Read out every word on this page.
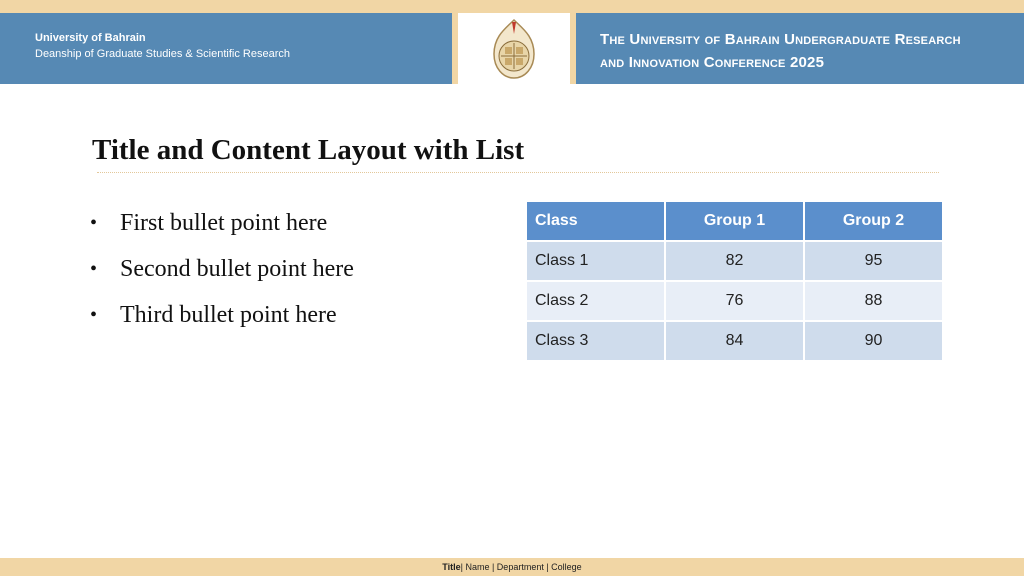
University of Bahrain
Deanship of Graduate Studies & Scientific Research
The University of Bahrain Undergraduate Research
and Innovation Conference 2025
Title and Content Layout with List
• First bullet point here
• Second bullet point here
• Third bullet point here
Class	Group 1	Group 2
Class 1	82	95
Class 2	76	88
Class 3	84	90
Title| Name | Department | College
